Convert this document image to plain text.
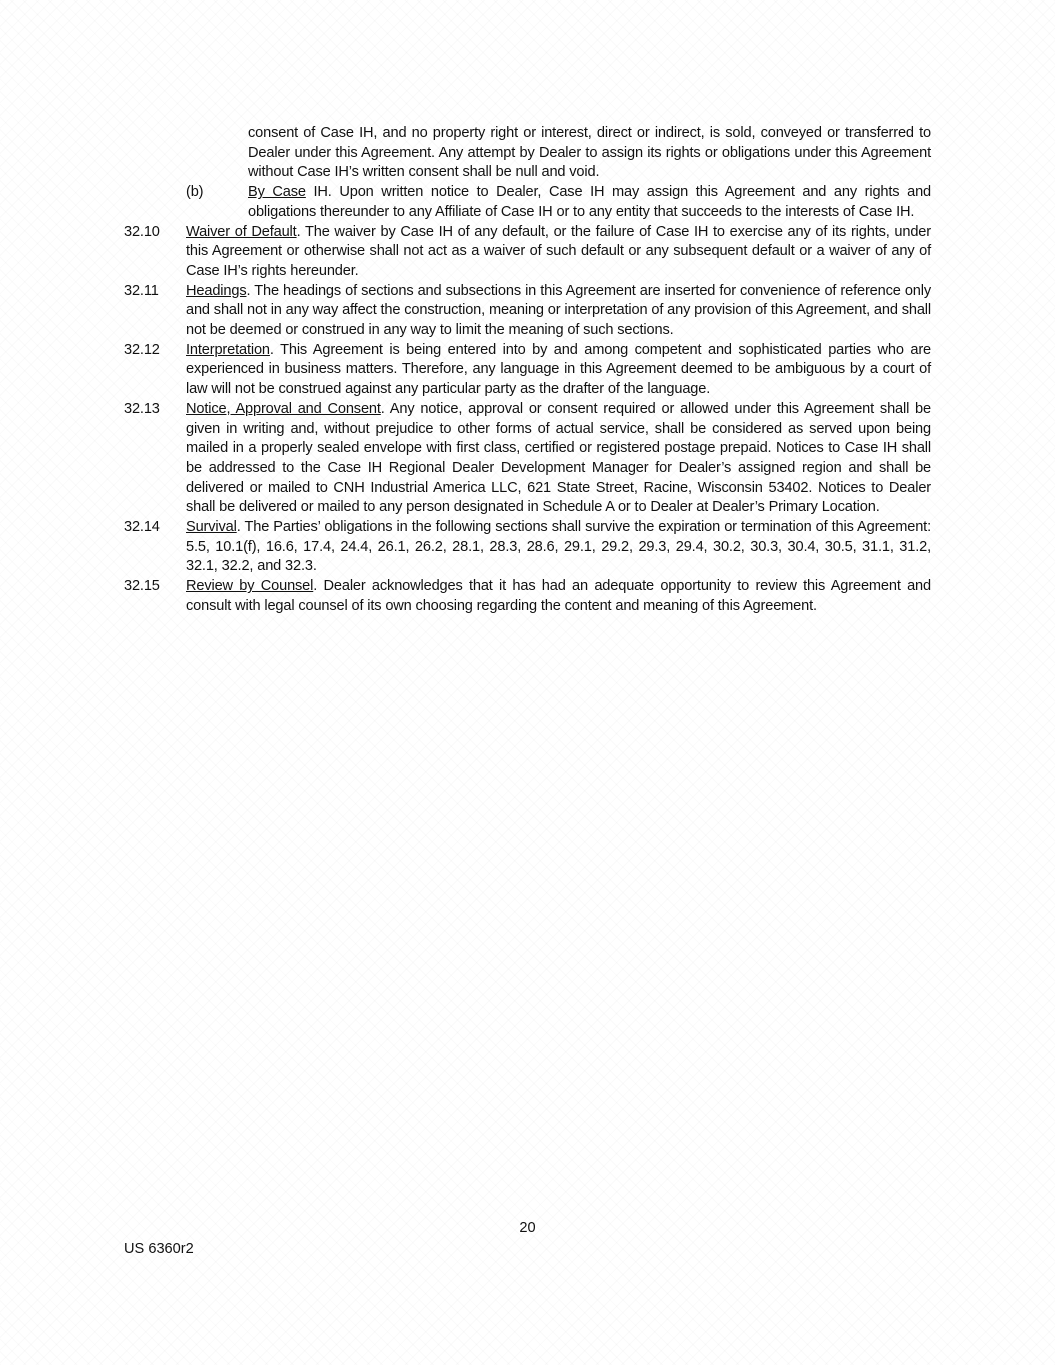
consent of Case IH, and no property right or interest, direct or indirect, is sold, conveyed or transferred to Dealer under this Agreement. Any attempt by Dealer to assign its rights or obligations under this Agreement without Case IH’s written consent shall be null and void.
(b)	By Case IH. Upon written notice to Dealer, Case IH may assign this Agreement and any rights and obligations thereunder to any Affiliate of Case IH or to any entity that succeeds to the interests of Case IH.
32.10 Waiver of Default. The waiver by Case IH of any default, or the failure of Case IH to exercise any of its rights, under this Agreement or otherwise shall not act as a waiver of such default or any subsequent default or a waiver of any of Case IH’s rights hereunder.
32.11 Headings. The headings of sections and subsections in this Agreement are inserted for convenience of reference only and shall not in any way affect the construction, meaning or interpretation of any provision of this Agreement, and shall not be deemed or construed in any way to limit the meaning of such sections.
32.12 Interpretation. This Agreement is being entered into by and among competent and sophisticated parties who are experienced in business matters. Therefore, any language in this Agreement deemed to be ambiguous by a court of law will not be construed against any particular party as the drafter of the language.
32.13 Notice, Approval and Consent. Any notice, approval or consent required or allowed under this Agreement shall be given in writing and, without prejudice to other forms of actual service, shall be considered as served upon being mailed in a properly sealed envelope with first class, certified or registered postage prepaid. Notices to Case IH shall be addressed to the Case IH Regional Dealer Development Manager for Dealer’s assigned region and shall be delivered or mailed to CNH Industrial America LLC, 621 State Street, Racine, Wisconsin 53402. Notices to Dealer shall be delivered or mailed to any person designated in Schedule A or to Dealer at Dealer’s Primary Location.
32.14 Survival. The Parties’ obligations in the following sections shall survive the expiration or termination of this Agreement: 5.5, 10.1(f), 16.6, 17.4, 24.4, 26.1, 26.2, 28.1, 28.3, 28.6, 29.1, 29.2, 29.3, 29.4, 30.2, 30.3, 30.4, 30.5, 31.1, 31.2, 32.1, 32.2, and 32.3.
32.15 Review by Counsel. Dealer acknowledges that it has had an adequate opportunity to review this Agreement and consult with legal counsel of its own choosing regarding the content and meaning of this Agreement.
20
US 6360r2
